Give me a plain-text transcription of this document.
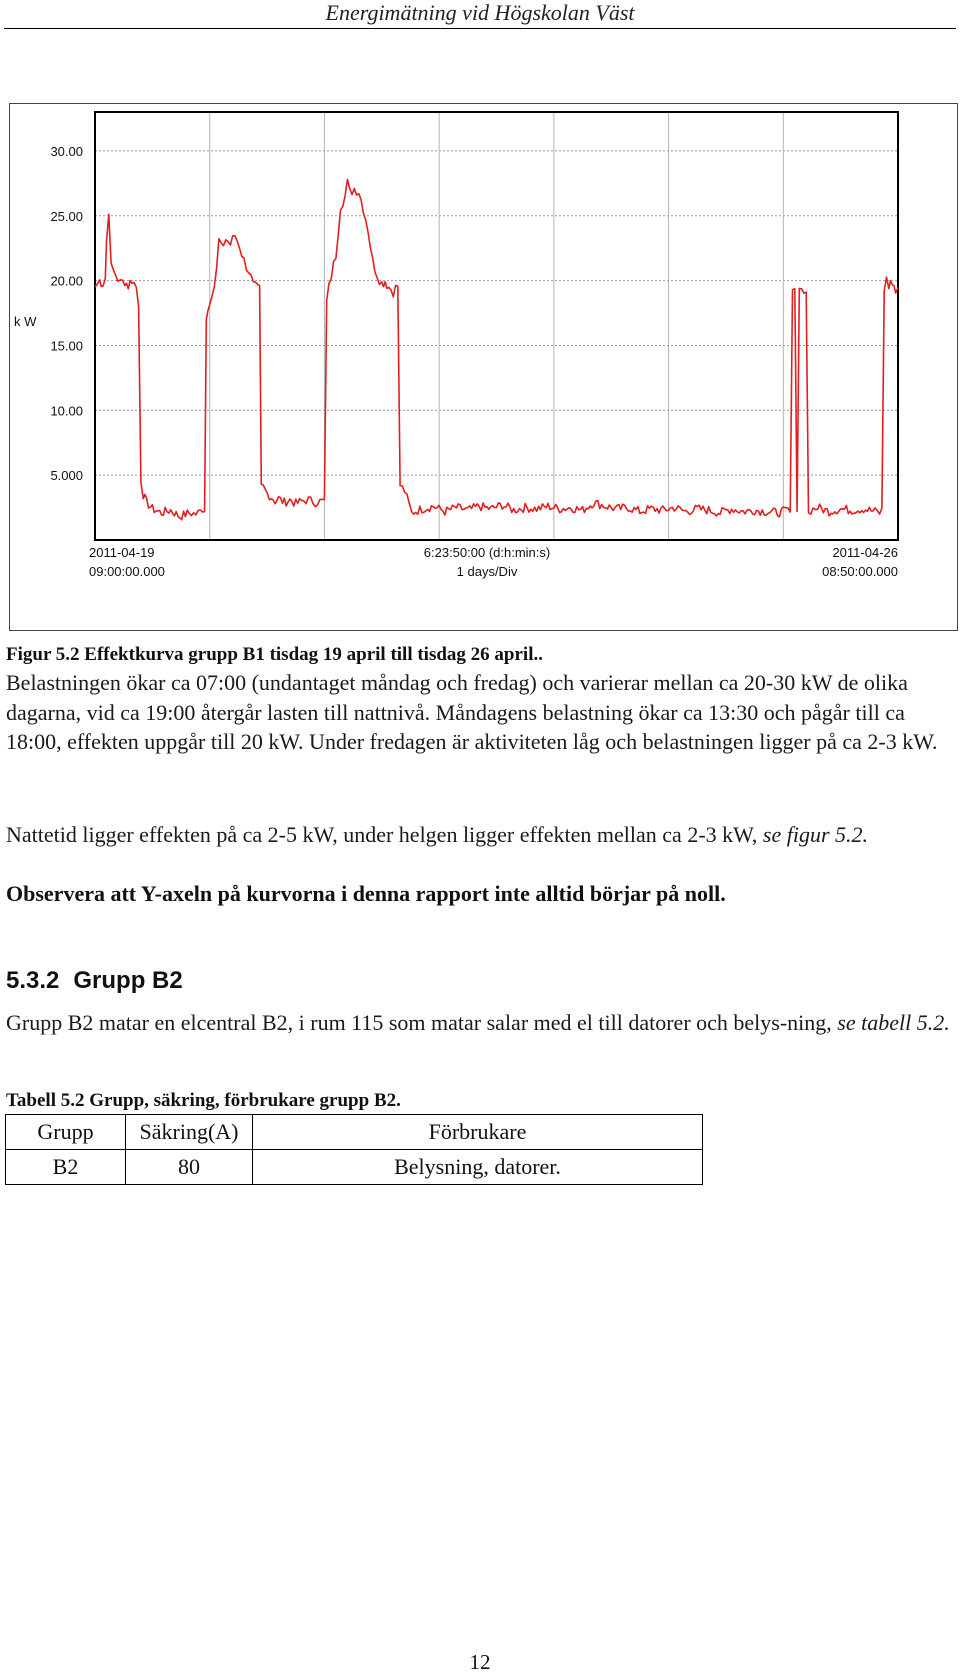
Energimätning vid Högskolan Väst
30.00
25.00
20.00
15.00
10.00
5.000
k W
2011-04-19
09:00:00.000
6:23:50:00 (d:h:min:s)
1 days/Div
2011-04-26
08:50:00.000
Figur 5.2 Effektkurva grupp B1 tisdag 19 april till tisdag 26 april..
Belastningen ökar ca 07:00 (undantaget måndag och fredag) och varierar mellan ca 20-30 kW de olika dagarna, vid ca 19:00 återgår lasten till nattnivå. Måndagens belastning ökar ca 13:30 och pågår till ca 18:00, effekten uppgår till 20 kW. Under fredagen är aktiviteten låg och belastningen ligger på ca 2-3 kW.
Nattetid ligger effekten på ca 2-5 kW, under helgen ligger effekten mellan ca 2-3 kW, se figur 5.2.
Observera att Y-axeln på kurvorna i denna rapport inte alltid börjar på noll.
5.3.2 Grupp B2
Grupp B2 matar en elcentral B2, i rum 115 som matar salar med el till datorer och belys-ning, se tabell 5.2.
Tabell 5.2 Grupp, säkring, förbrukare grupp B2.
Grupp	Säkring(A)	Förbrukare
B2	80	Belysning, datorer.
12
